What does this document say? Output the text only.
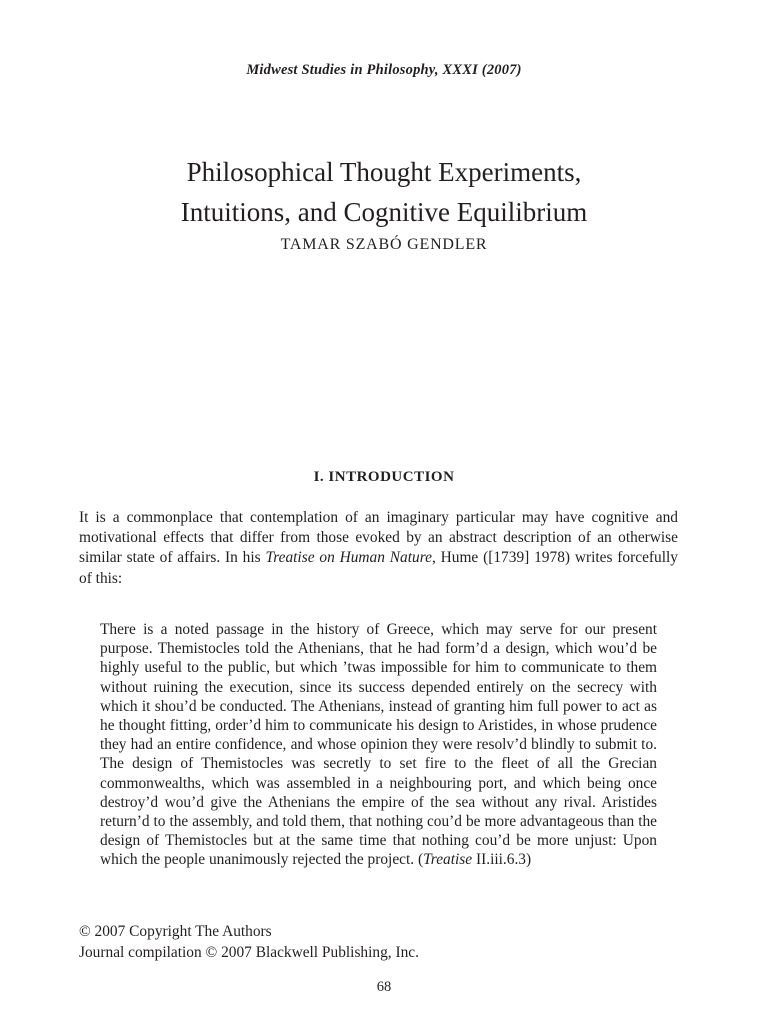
Midwest Studies in Philosophy, XXXI (2007)
Philosophical Thought Experiments,
Intuitions, and Cognitive Equilibrium
TAMAR SZABÓ GENDLER
I. INTRODUCTION

It is a commonplace that contemplation of an imaginary particular may have cognitive and motivational effects that differ from those evoked by an abstract description of an otherwise similar state of affairs. In his Treatise on Human Nature, Hume ([1739] 1978) writes forcefully of this:

There is a noted passage in the history of Greece, which may serve for our present purpose. Themistocles told the Athenians, that he had form’d a design, which wou’d be highly useful to the public, but which ’twas impossible for him to communicate to them without ruining the execution, since its success depended entirely on the secrecy with which it shou’d be conducted. The Athenians, instead of granting him full power to act as he thought fitting, order’d him to communicate his design to Aristides, in whose prudence they had an entire confidence, and whose opinion they were resolv’d blindly to submit to. The design of Themistocles was secretly to set fire to the fleet of all the Grecian commonwealths, which was assembled in a neighbouring port, and which being once destroy’d wou’d give the Athenians the empire of the sea without any rival. Aristides return’d to the assembly, and told them, that nothing cou’d be more advantageous than the design of Themistocles but at the same time that nothing cou’d be more unjust: Upon which the people unanimously rejected the project. (Treatise II.iii.6.3)

© 2007 Copyright The Authors
Journal compilation © 2007 Blackwell Publishing, Inc.
68
